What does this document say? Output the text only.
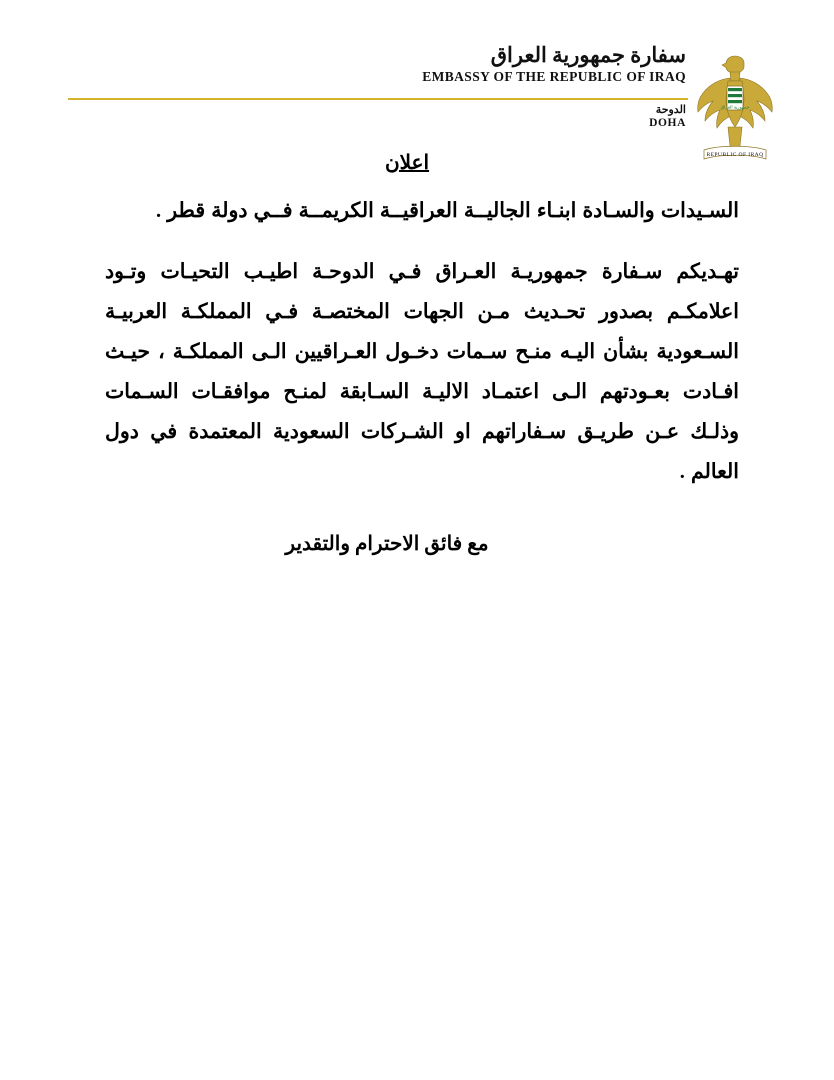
سفارة جمهورية العراق
EMBASSY OF THE REPUBLIC OF IRAQ
الدوحة
DOHA
جمهورية العراق
REPUBLIC OF IRAQ
اعلان

السـيدات والسـادة ابنـاء الجاليــة العراقيــة الكريمــة فــي دولة قطر .

تهـديكم سـفارة جمهوريـة العـراق فـي الدوحـة اطيـب التحيـات وتـود اعلامكـم بصدور تحـديث مـن الجهات المختصـة فـي المملكـة العربيـة السـعودية بشأن اليـه منـح سـمات دخـول العـراقيين الـى المملكـة ، حيـث افـادت بعـودتهم الـى اعتمـاد الاليـة السـابقة لمنـح موافقـات السـمات وذلـك عـن طريـق سـفاراتهم او الشـركات السعودية المعتمدة في دول العالم .

مع فائق الاحترام والتقدير
